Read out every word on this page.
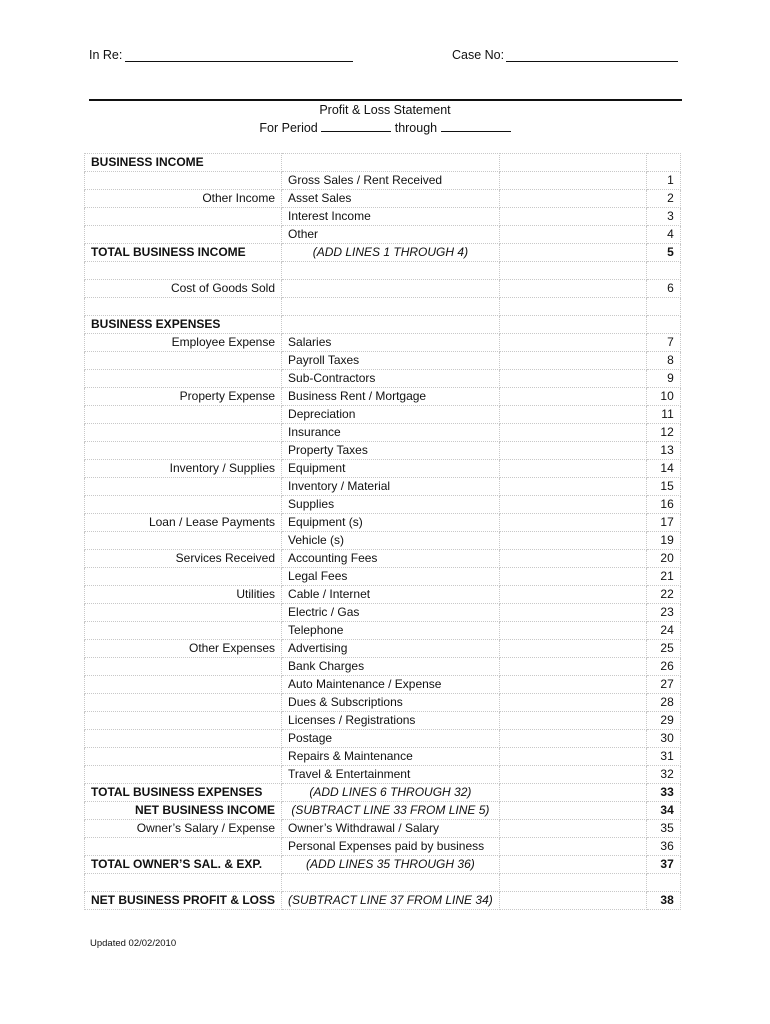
In Re:	Case No:
Profit & Loss Statement
For Period	through
BUSINESS INCOME			
	Gross Sales / Rent Received		1
Other Income	Asset Sales		2
	Interest Income		3
	Other		4
TOTAL BUSINESS INCOME	(ADD LINES 1 THROUGH 4)		5

Cost of Goods Sold			6

BUSINESS EXPENSES			
Employee Expense	Salaries		7
	Payroll Taxes		8
	Sub-Contractors		9
Property Expense	Business Rent / Mortgage		10
	Depreciation		11
	Insurance		12
	Property Taxes		13
Inventory / Supplies	Equipment		14
	Inventory / Material		15
	Supplies		16
Loan / Lease Payments	Equipment (s)		17
	Vehicle (s)		19
Services Received	Accounting Fees		20
	Legal Fees		21
Utilities	Cable / Internet		22
	Electric / Gas		23
	Telephone		24
Other Expenses	Advertising		25
	Bank Charges		26
	Auto Maintenance / Expense		27
	Dues & Subscriptions		28
	Licenses / Registrations		29
	Postage		30
	Repairs & Maintenance		31
	Travel & Entertainment		32
TOTAL BUSINESS EXPENSES	(ADD LINES 6 THROUGH 32)		33
NET BUSINESS INCOME	(SUBTRACT LINE 33 FROM LINE 5)		34
Owner’s Salary / Expense	Owner’s Withdrawal / Salary		35
	Personal Expenses paid by business		36
TOTAL OWNER’S SAL. & EXP.	(ADD LINES 35 THROUGH 36)		37

NET BUSINESS PROFIT & LOSS	(SUBTRACT LINE 37 FROM LINE 34)		38
Updated 02/02/2010
